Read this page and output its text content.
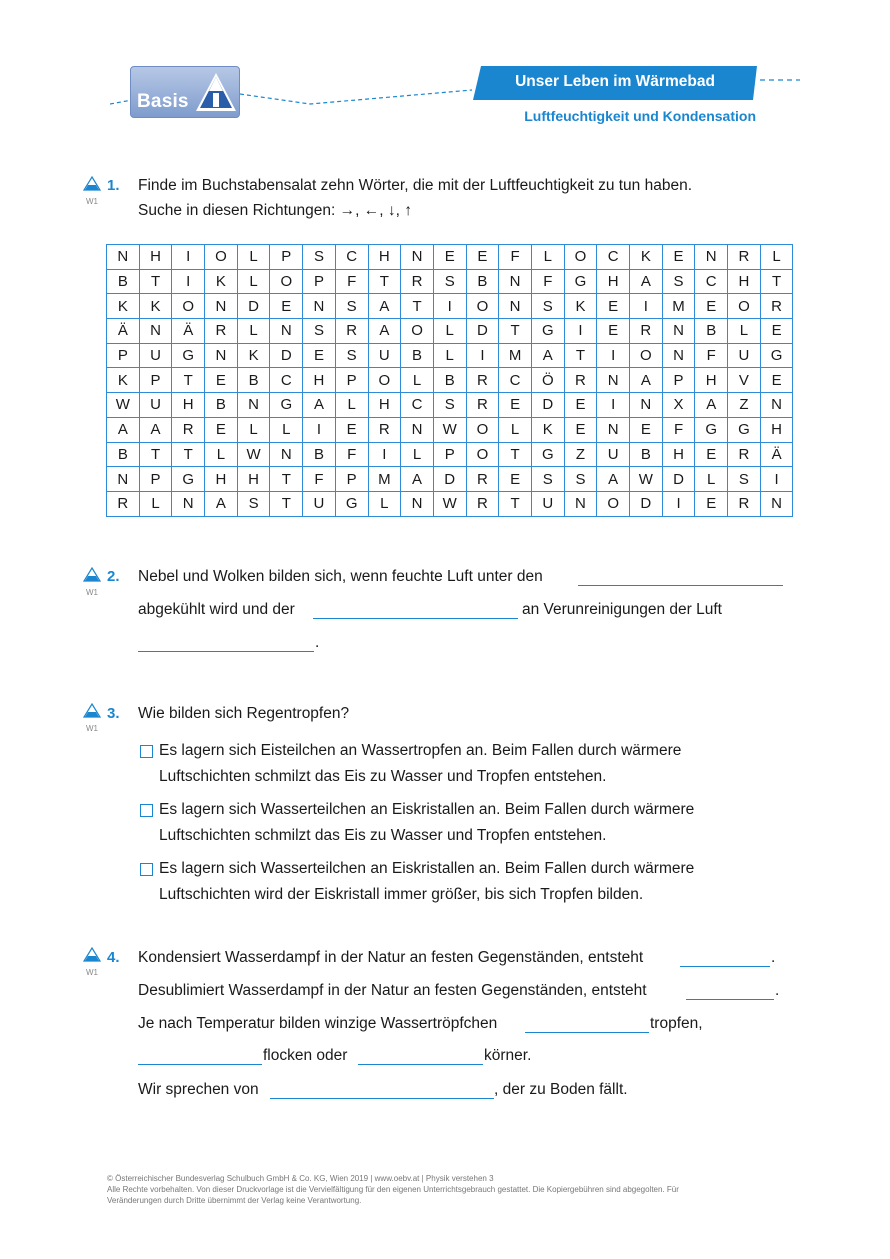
Basis
Unser Leben im Wärmebad
Luftfeuchtigkeit und Kondensation
W1
1. Finde im Buchstabensalat zehn Wörter, die mit der Luftfeuchtigkeit zu tun haben.
Suche in diesen Richtungen: →, ←, ↓, ↑
N	H	I	O	L	P	S	C	H	N	E	E	F	L	O	C	K	E	N	R	L
B	T	I	K	L	O	P	F	T	R	S	B	N	F	G	H	A	S	C	H	T
K	K	O	N	D	E	N	S	A	T	I	O	N	S	K	E	I	M	E	O	R
Ä	N	Ä	R	L	N	S	R	A	O	L	D	T	G	I	E	R	N	B	L	E
P	U	G	N	K	D	E	S	U	B	L	I	M	A	T	I	O	N	F	U	G
K	P	T	E	B	C	H	P	O	L	B	R	C	Ö	R	N	A	P	H	V	E
W	U	H	B	N	G	A	L	H	C	S	R	E	D	E	I	N	X	A	Z	N
A	A	R	E	L	L	I	E	R	N	W	O	L	K	E	N	E	F	G	G	H
B	T	T	L	W	N	B	F	I	L	P	O	T	G	Z	U	B	H	E	R	Ä
N	P	G	H	H	T	F	P	M	A	D	R	E	S	S	A	W	D	L	S	I
R	L	N	A	S	T	U	G	L	N	W	R	T	U	N	O	D	I	E	R	N
W1
2. Nebel und Wolken bilden sich, wenn feuchte Luft unter den
abgekühlt wird und der	an Verunreinigungen der Luft
.
W1
3. Wie bilden sich Regentropfen?
Es lagern sich Eisteilchen an Wassertropfen an. Beim Fallen durch wärmere
Luftschichten schmilzt das Eis zu Wasser und Tropfen entstehen.
Es lagern sich Wasserteilchen an Eiskristallen an. Beim Fallen durch wärmere
Luftschichten schmilzt das Eis zu Wasser und Tropfen entstehen.
Es lagern sich Wasserteilchen an Eiskristallen an. Beim Fallen durch wärmere
Luftschichten wird der Eiskristall immer größer, bis sich Tropfen bilden.
W1
4. Kondensiert Wasserdampf in der Natur an festen Gegenständen, entsteht	.
Desublimiert Wasserdampf in der Natur an festen Gegenständen, entsteht	.
Je nach Temperatur bilden winzige Wassertröpfchen	tropfen,
flocken oder	körner.
Wir sprechen von	, der zu Boden fällt.
© Österreichischer Bundesverlag Schulbuch GmbH & Co. KG, Wien 2019 | www.oebv.at | Physik verstehen 3
Alle Rechte vorbehalten. Von dieser Druckvorlage ist die Vervielfältigung für den eigenen Unterrichtsgebrauch gestattet. Die Kopiergebühren sind abgegolten. Für
Veränderungen durch Dritte übernimmt der Verlag keine Verantwortung.
